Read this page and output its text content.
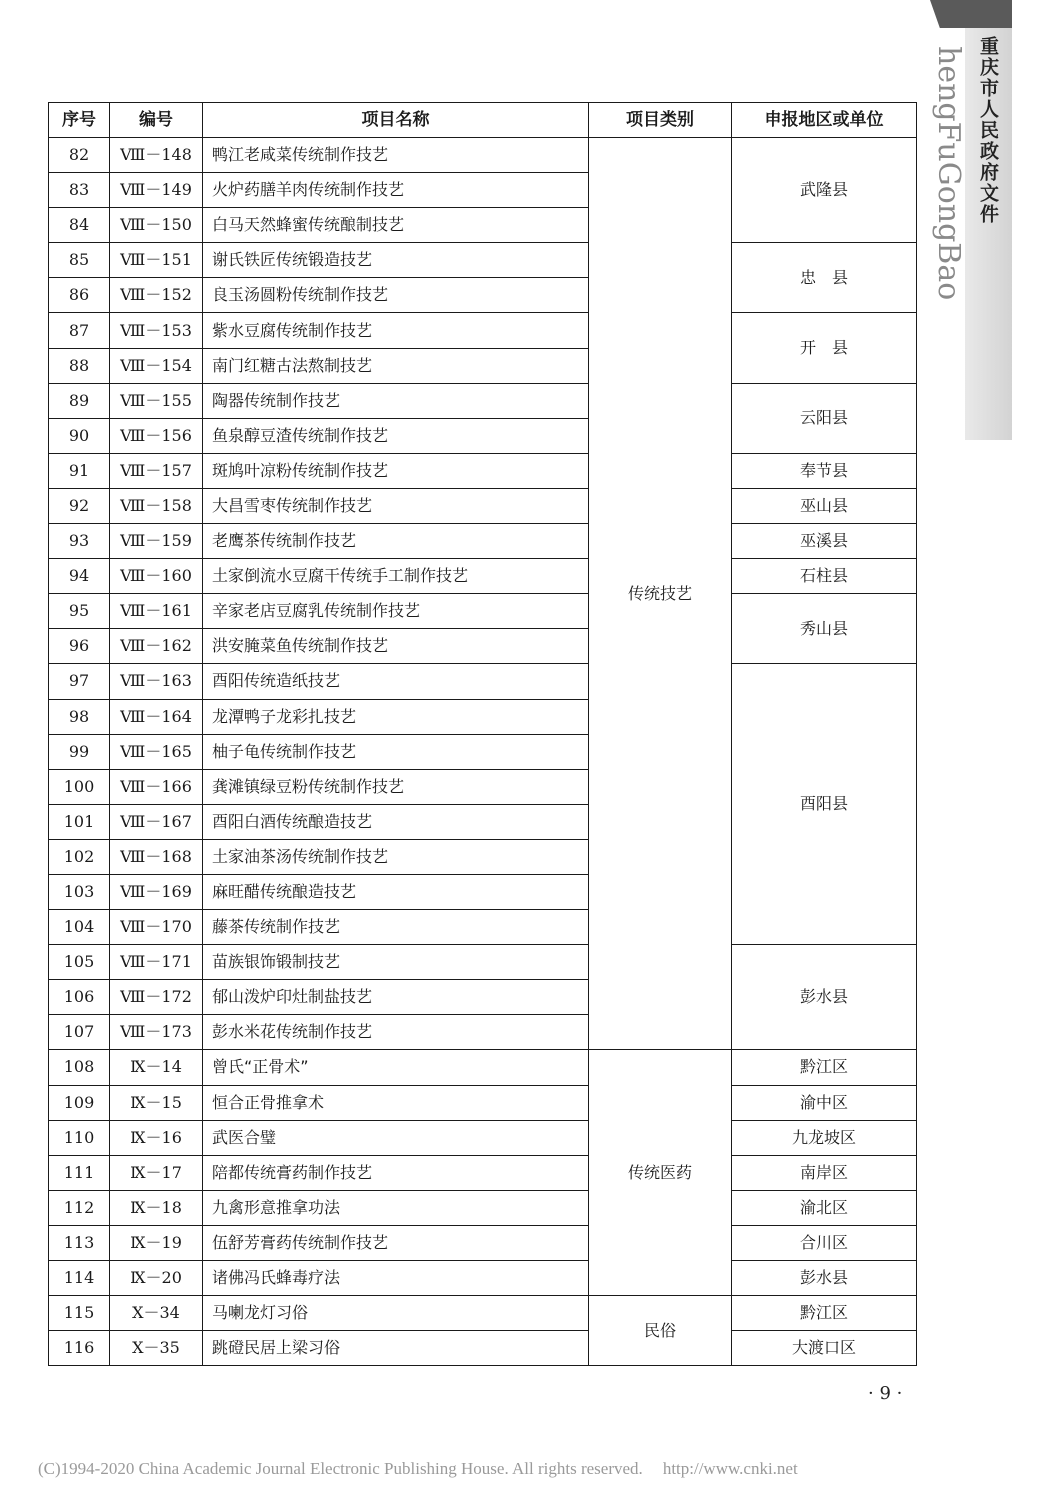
hengFuGongBao 重庆市人民政府文件
序号	编号	项目名称	项目类别	申报地区或单位
82	Ⅷ－148	鸭江老咸菜传统制作技艺	传统技艺	武隆县
83	Ⅷ－149	火炉药膳羊肉传统制作技艺		
84	Ⅷ－150	白马天然蜂蜜传统酿制技艺		
85	Ⅷ－151	谢氏铁匠传统锻造技艺		忠　县
86	Ⅷ－152	良玉汤圆粉传统制作技艺		
87	Ⅷ－153	紫水豆腐传统制作技艺		开　县
88	Ⅷ－154	南门红糖古法熬制技艺		
89	Ⅷ－155	陶器传统制作技艺		云阳县
90	Ⅷ－156	鱼泉醇豆渣传统制作技艺		
91	Ⅷ－157	斑鸠叶凉粉传统制作技艺		奉节县
92	Ⅷ－158	大昌雪枣传统制作技艺		巫山县
93	Ⅷ－159	老鹰茶传统制作技艺		巫溪县
94	Ⅷ－160	土家倒流水豆腐干传统手工制作技艺		石柱县
95	Ⅷ－161	辛家老店豆腐乳传统制作技艺		秀山县
96	Ⅷ－162	洪安腌菜鱼传统制作技艺		
97	Ⅷ－163	酉阳传统造纸技艺		酉阳县
98	Ⅷ－164	龙潭鸭子龙彩扎技艺		
99	Ⅷ－165	柚子龟传统制作技艺		
100	Ⅷ－166	龚滩镇绿豆粉传统制作技艺		
101	Ⅷ－167	酉阳白酒传统酿造技艺		
102	Ⅷ－168	土家油茶汤传统制作技艺		
103	Ⅷ－169	麻旺醋传统酿造技艺		
104	Ⅷ－170	藤茶传统制作技艺		
105	Ⅷ－171	苗族银饰锻制技艺		彭水县
106	Ⅷ－172	郁山泼炉印灶制盐技艺		
107	Ⅷ－173	彭水米花传统制作技艺		
108	Ⅸ－14	曾氏“正骨术”	传统医药	黔江区
109	Ⅸ－15	恒合正骨推拿术		渝中区
110	Ⅸ－16	武医合璧		九龙坡区
111	Ⅸ－17	陪都传统膏药制作技艺		南岸区
112	Ⅸ－18	九禽形意推拿功法		渝北区
113	Ⅸ－19	伍舒芳膏药传统制作技艺		合川区
114	Ⅸ－20	诸佛冯氏蜂毒疗法		彭水县
115	Ⅹ－34	马喇龙灯习俗	民俗	黔江区
116	Ⅹ－35	跳磴民居上梁习俗		大渡口区
· 9 ·
(C)1994-2020 China Academic Journal Electronic Publishing House. All rights reserved. http://www.cnki.net
